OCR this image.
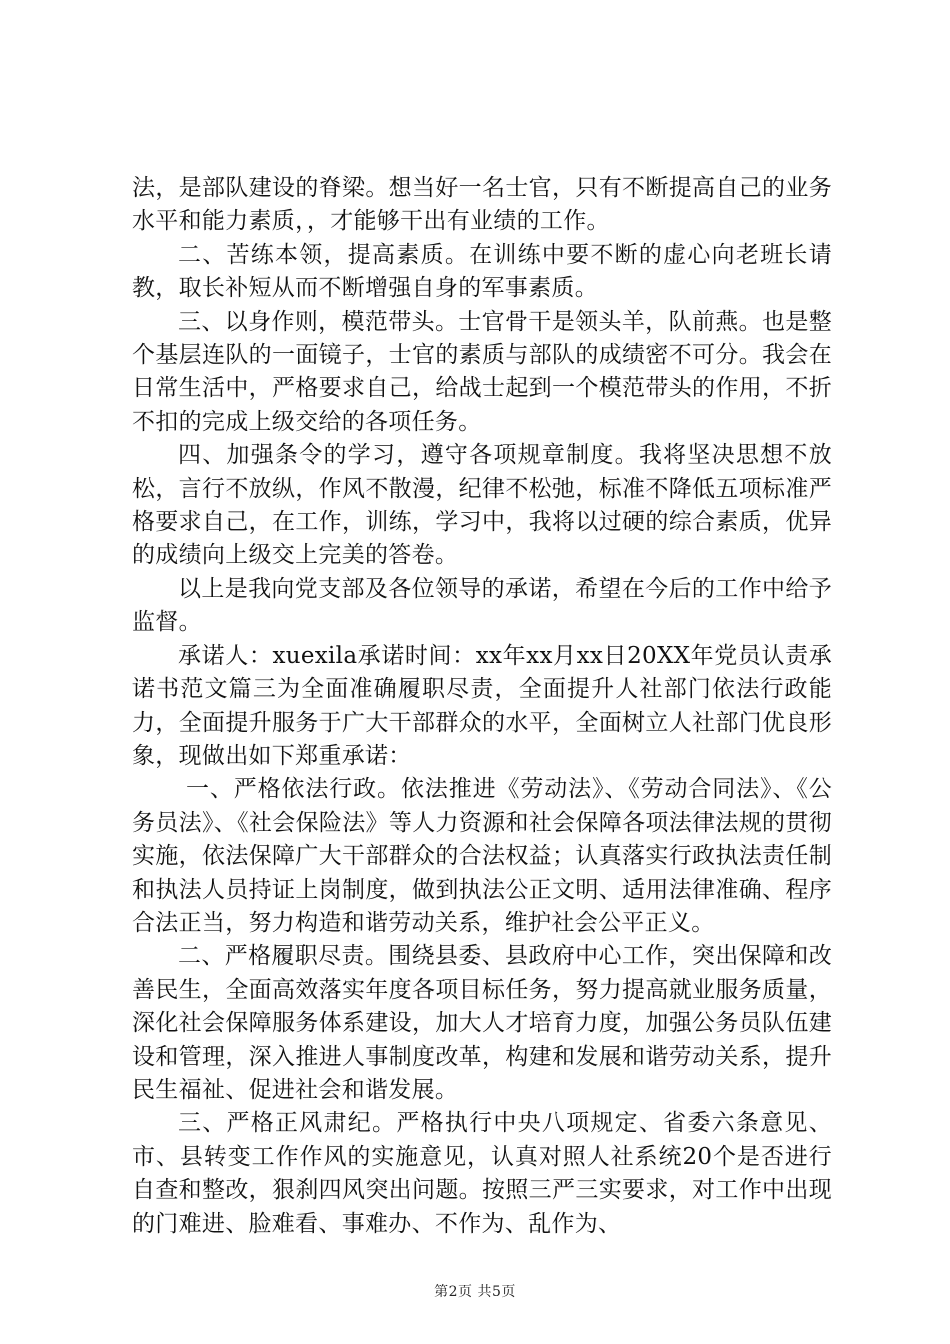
法，是部队建设的脊梁。想当好一名士官，只有不断提高自己的业务水平和能力素质，，才能够干出有业绩的工作。

二、苦练本领，提高素质。在训练中要不断的虚心向老班长请教，取长补短从而不断增强自身的军事素质。

三、以身作则，模范带头。士官骨干是领头羊，队前燕。也是整个基层连队的一面镜子，士官的素质与部队的成绩密不可分。我会在日常生活中，严格要求自己，给战士起到一个模范带头的作用，不折不扣的完成上级交给的各项任务。

四、加强条令的学习，遵守各项规章制度。我将坚决思想不放松，言行不放纵，作风不散漫，纪律不松弛，标准不降低五项标准严格要求自己，在工作，训练，学习中，我将以过硬的综合素质，优异的成绩向上级交上完美的答卷。

以上是我向党支部及各位领导的承诺，希望在今后的工作中给予监督。

承诺人：xuexila承诺时间：xx年xx月xx日20XX年党员认责承诺书范文篇三为全面准确履职尽责，全面提升人社部门依法行政能力，全面提升服务于广大干部群众的水平，全面树立人社部门优良形象，现做出如下郑重承诺：

一、严格依法行政。依法推进《劳动法》、《劳动合同法》、《公务员法》、《社会保险法》等人力资源和社会保障各项法律法规的贯彻实施，依法保障广大干部群众的合法权益；认真落实行政执法责任制和执法人员持证上岗制度，做到执法公正文明、适用法律准确、程序合法正当，努力构造和谐劳动关系，维护社会公平正义。

二、严格履职尽责。围绕县委、县政府中心工作，突出保障和改善民生，全面高效落实年度各项目标任务，努力提高就业服务质量，深化社会保障服务体系建设，加大人才培育力度，加强公务员队伍建设和管理，深入推进人事制度改革，构建和发展和谐劳动关系，提升民生福祉、促进社会和谐发展。

三、严格正风肃纪。严格执行中央八项规定、省委六条意见、市、县转变工作作风的实施意见，认真对照人社系统20个是否进行自查和整改，狠刹四风突出问题。按照三严三实要求，对工作中出现的门难进、脸难看、事难办、不作为、乱作为、

第2页 共5页
